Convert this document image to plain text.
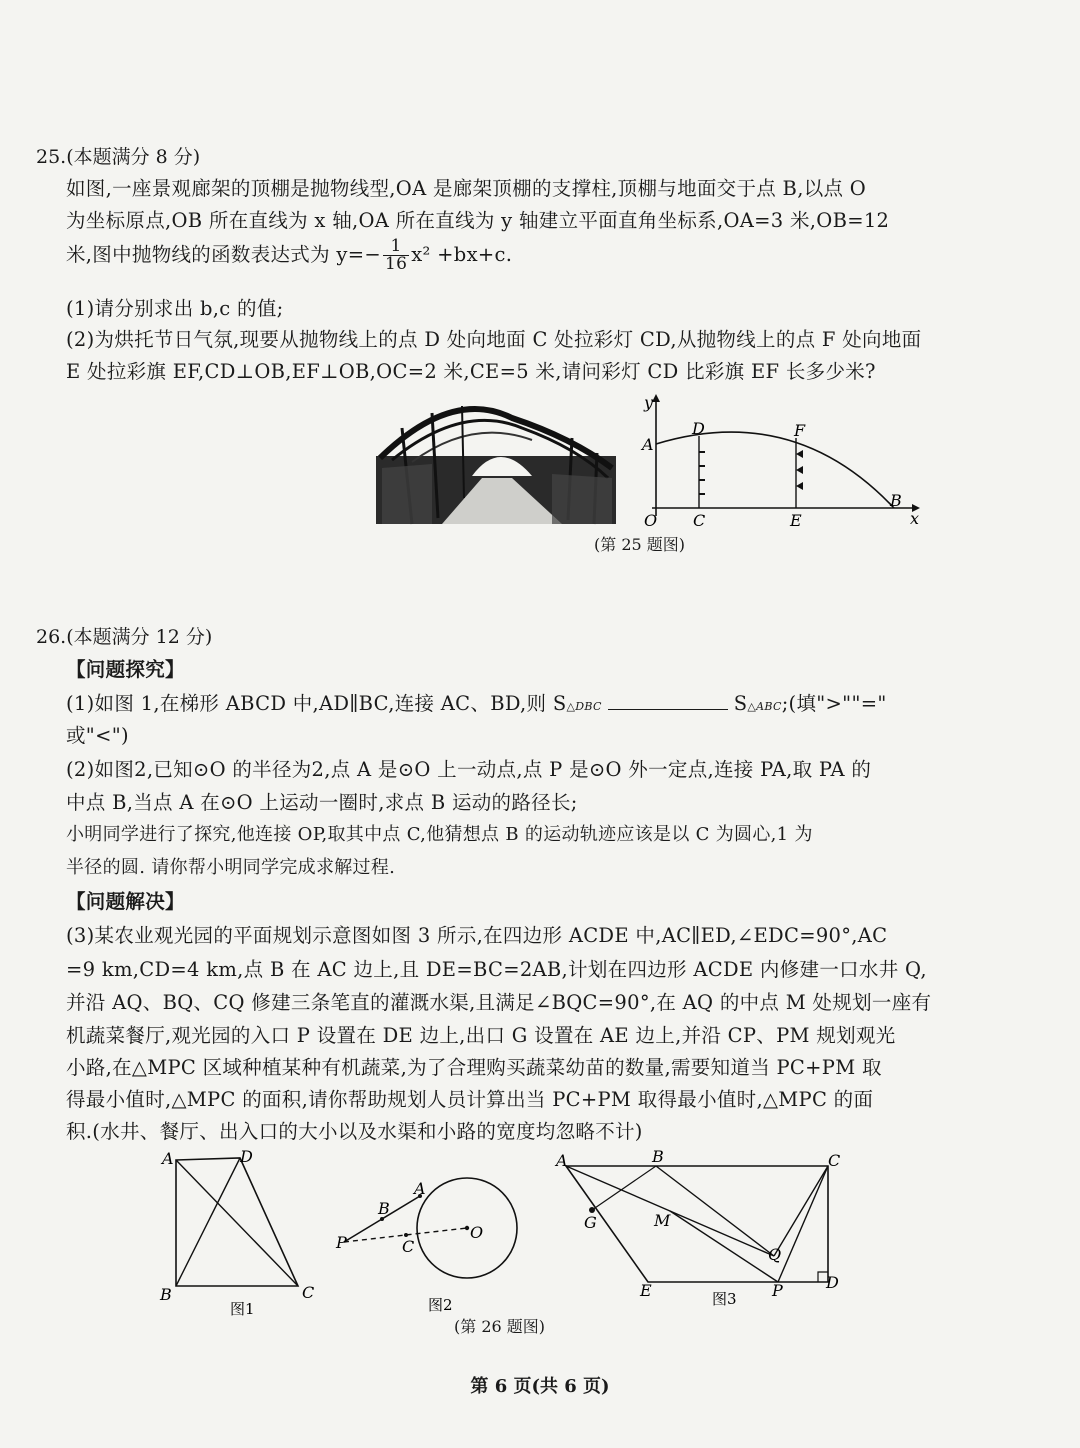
25.(本题满分 8 分)
如图,一座景观廊架的顶棚是抛物线型,OA 是廊架顶棚的支撑柱,顶棚与地面交于点 B,以点 O
为坐标原点,OB 所在直线为 x 轴,OA 所在直线为 y 轴建立平面直角坐标系,OA=3 米,OB=12
米,图中抛物线的函数表达式为 $y=- \frac{1}{16} x^2 +bx+c$.
(1)请分别求出 b,c 的值;
(2)为烘托节日气氛,现要从抛物线上的点 D 处向地面 C 处拉彩灯 CD,从抛物线上的点 F 处向地面
E 处拉彩旗 EF,CD⊥OB,EF⊥OB,OC=2 米,CE=5 米,请问彩灯 CD 比彩旗 EF 长多少米?
y
A
D	F
B
O C	E	x
(第 25 题图)
26.(本题满分 12 分)
【问题探究】
(1)如图 1,在梯形 ABCD 中,AD∥BC,连接 AC、BD,则 S△DBC	S△ABC;(填">""="
或"<")
(2)如图2,已知⊙O 的半径为2,点 A 是⊙O 上一动点,点 P 是⊙O 外一定点,连接 PA,取 PA 的
中点 B,当点 A 在⊙O 上运动一圈时,求点 B 运动的路径长;
小明同学进行了探究,他连接 OP,取其中点 C,他猜想点 B 的运动轨迹应该是以 C 为圆心,1 为
半径的圆. 请你帮小明同学完成求解过程.
【问题解决】
(3)某农业观光园的平面规划示意图如图 3 所示,在四边形 ACDE 中,AC∥ED,∠EDC=90°,AC
=9 km,CD=4 km,点 B 在 AC 边上,且 DE=BC=2AB,计划在四边形 ACDE 内修建一口水井 Q,
并沿 AQ、BQ、CQ 修建三条笔直的灌溉水渠,且满足∠BQC=90°,在 AQ 的中点 M 处规划一座有
机蔬菜餐厅,观光园的入口 P 设置在 DE 边上,出口 G 设置在 AE 边上,并沿 CP、PM 规划观光
小路,在△MPC 区域种植某种有机蔬菜,为了合理购买蔬菜幼苗的数量,需要知道当 PC+PM 取
得最小值时,△MPC 的面积,请你帮助规划人员计算出当 PC+PM 取得最小值时,△MPC 的面
积.(水井、餐厅、出入口的大小以及水渠和小路的宽度均忽略不计)
A	D
B	C
图1
A
B
P	C
O
图2
A	B	C
G	M
Q
E	P	D
图3
(第 26 题图)
第 6 页(共 6 页)
